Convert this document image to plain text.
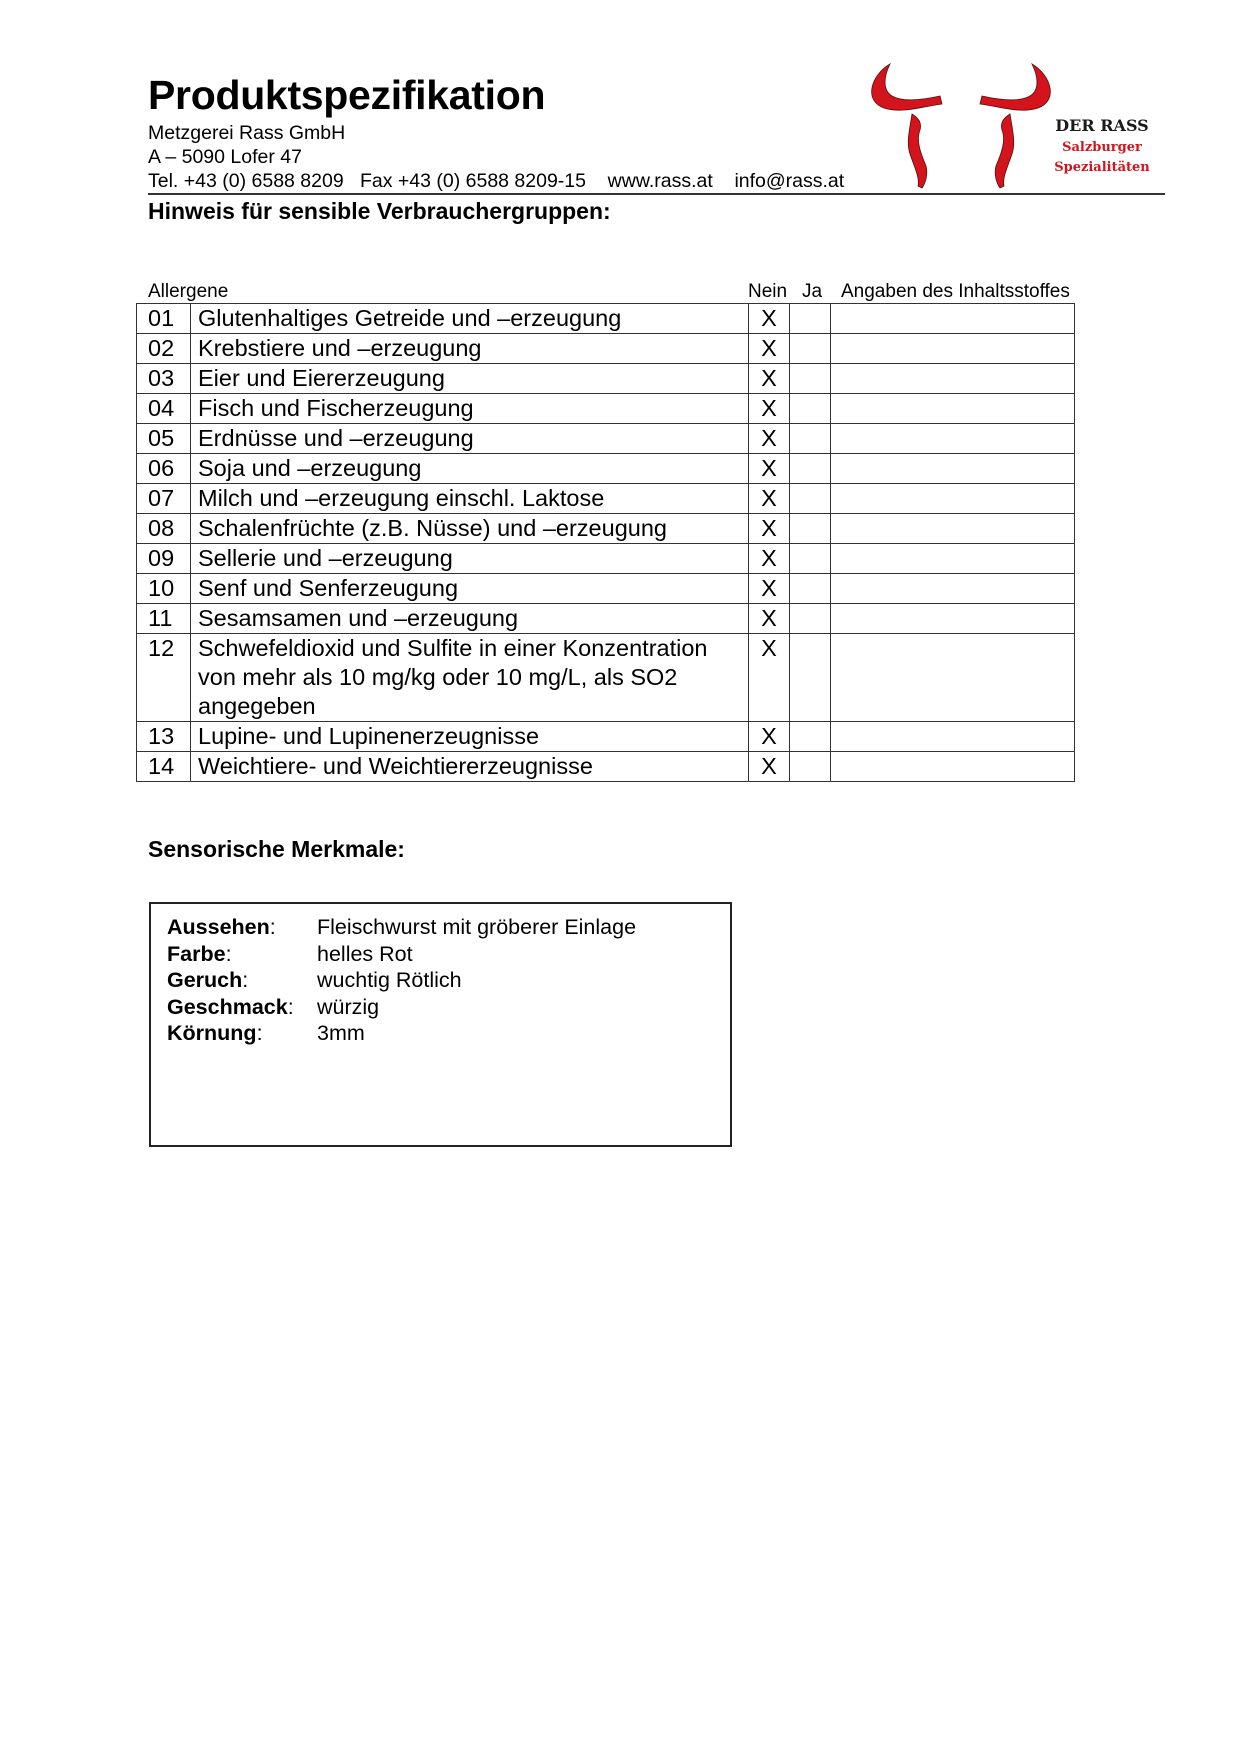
Produktspezifikation
Metzgerei Rass GmbH
A – 5090 Lofer 47
Tel. +43 (0) 6588 8209 Fax +43 (0) 6588 8209-15 www.rass.at info@rass.at
DER RASS
Salzburger
Spezialitäten
Hinweis für sensible Verbrauchergruppen:
Allergene	Nein Ja Angaben des Inhaltsstoffes
01	Glutenhaltiges Getreide und –erzeugung	X		
02	Krebstiere und –erzeugung	X		
03	Eier und Eiererzeugung	X		
04	Fisch und Fischerzeugung	X		
05	Erdnüsse und –erzeugung	X		
06	Soja und –erzeugung	X		
07	Milch und –erzeugung einschl. Laktose	X		
08	Schalenfrüchte (z.B. Nüsse) und –erzeugung	X		
09	Sellerie und –erzeugung	X		
10	Senf und Senferzeugung	X		
11	Sesamsamen und –erzeugung	X		
12	Schwefeldioxid und Sulfite in einer Konzentration von mehr als 10 mg/kg oder 10 mg/L, als SO2 angegeben	X		
13	Lupine- und Lupinenerzeugnisse	X		
14	Weichtiere- und Weichtiererzeugnisse	X		
Sensorische Merkmale:
Aussehen:	Fleischwurst mit gröberer Einlage
Farbe:	helles Rot
Geruch:	wuchtig Rötlich
Geschmack:	würzig
Körnung:	3mm
